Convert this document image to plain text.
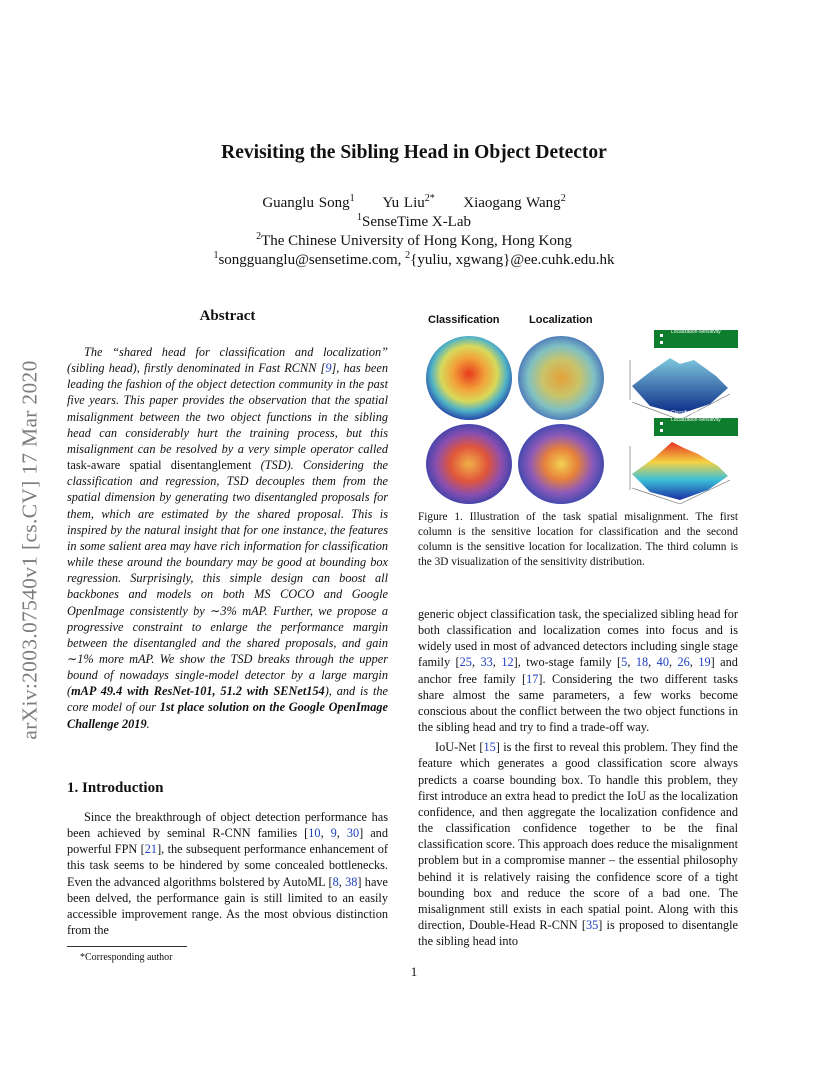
arXiv:2003.07540v1 [cs.CV] 17 Mar 2020
Revisiting the Sibling Head in Object Detector
Guanglu Song$^1$ Yu Liu$^{2*}$ Xiaogang Wang$^2$
$^1$SenseTime X-Lab
$^2$The Chinese University of Hong Kong, Hong Kong
$^1$songguanglu@sensetime.com, $^2${yuliu, xgwang}@ee.cuhk.edu.hk
Abstract
The “shared head for classification and localization” (sibling head), firstly denominated in Fast RCNN [9], has been leading the fashion of the object detection community in the past five years. This paper provides the observation that the spatial misalignment between the two object functions in the sibling head can considerably hurt the training process, but this misalignment can be resolved by a very simple operator called task-aware spatial disentanglement (TSD). Considering the classification and regression, TSD decouples them from the spatial dimension by generating two disentangled proposals for them, which are estimated by the shared proposal. This is inspired by the natural insight that for one instance, the features in some salient area may have rich information for classification while these around the boundary may be good at bounding box regression. Surprisingly, this simple design can boost all backbones and models on both MS COCO and Google OpenImage consistently by ∼3% mAP. Further, we propose a progressive constraint to enlarge the performance margin between the disentangled and the shared proposals, and gain ∼1% more mAP. We show the TSD breaks through the upper bound of nowadays single-model detector by a large margin (mAP 49.4 with ResNet-101, 51.2 with SENet154), and is the core model of our 1st place solution on the Google OpenImage Challenge 2019.
1. Introduction

Since the breakthrough of object detection performance has been achieved by seminal R-CNN families [10, 9, 30] and powerful FPN [21], the subsequent performance enhancement of this task seems to be hindered by some concealed bottlenecks. Even the advanced algorithms bolstered by AutoML [8, 38] have been delved, the performance gain is still limited to an easily accessible improvement range. As the most obvious distinction from the

*Corresponding author
Classification	Localization	Classification-sensitivity
Localization-sensitivity
Classification-sensitivity
Localization-sensitivity
Figure 1. Illustration of the task spatial misalignment. The first column is the sensitive location for classification and the second column is the sensitive location for localization. The third column is the 3D visualization of the sensitivity distribution.

generic object classification task, the specialized sibling head for both classification and localization comes into focus and is widely used in most of advanced detectors including single stage family [25, 33, 12], two-stage family [5, 18, 40, 26, 19] and anchor free family [17]. Considering the two different tasks share almost the same parameters, a few works become conscious about the conflict between the two object functions in the sibling head and try to find a trade-off way.

IoU-Net [15] is the first to reveal this problem. They find the feature which generates a good classification score always predicts a coarse bounding box. To handle this problem, they first introduce an extra head to predict the IoU as the localization confidence, and then aggregate the localization confidence and the classification confidence together to be the final classification score. This approach does reduce the misalignment problem but in a compromise manner – the essential philosophy behind it is relatively raising the confidence score of a tight bounding box and reduce the score of a bad one. The misalignment still exists in each spatial point. Along with this direction, Double-Head R-CNN [35] is proposed to disentangle the sibling head into

1
